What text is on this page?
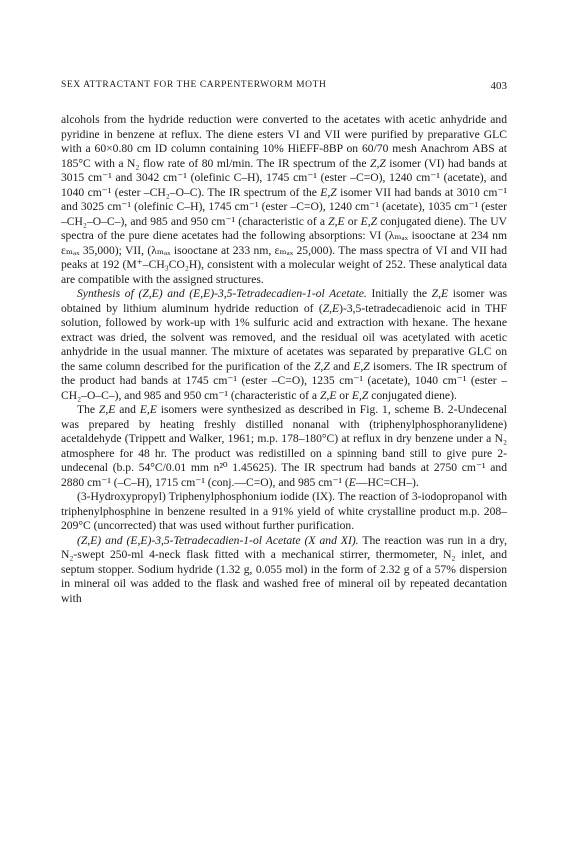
SEX ATTRACTANT FOR THE CARPENTERWORM MOTH	403

alcohols from the hydride reduction were converted to the acetates with acetic anhydride and pyridine in benzene at reflux. The diene esters VI and VII were purified by preparative GLC with a 60×0.80 cm ID column containing 10% HiEFF-8BP on 60/70 mesh Anachrom ABS at 185°C with a N₂ flow rate of 80 ml/min. The IR spectrum of the Z,Z isomer (VI) had bands at 3015 cm⁻¹ and 3042 cm⁻¹ (olefinic C–H), 1745 cm⁻¹ (ester –C=O), 1240 cm⁻¹ (acetate), and 1040 cm⁻¹ (ester –CH₂–O–C). The IR spectrum of the E,Z isomer VII had bands at 3010 cm⁻¹ and 3025 cm⁻¹ (olefinic C–H), 1745 cm⁻¹ (ester –C=O), 1240 cm⁻¹ (acetate), 1035 cm⁻¹ (ester –CH₂–O–C–), and 985 and 950 cm⁻¹ (characteristic of a Z,E or E,Z conjugated diene). The UV spectra of the pure diene acetates had the following absorptions: VI (λₘₐₓ isooctane at 234 nm εₘₐₓ 35,000); VII, (λₘₐₓ isooctane at 233 nm, εₘₐₓ 25,000). The mass spectra of VI and VII had peaks at 192 (M⁺–CH₃CO₂H), consistent with a molecular weight of 252. These analytical data are compatible with the assigned structures.

Synthesis of (Z,E) and (E,E)-3,5-Tetradecadien-1-ol Acetate. Initially the Z,E isomer was obtained by lithium aluminum hydride reduction of (Z,E)-3,5-tetradecadienoic acid in THF solution, followed by work-up with 1% sulfuric acid and extraction with hexane. The hexane extract was dried, the solvent was removed, and the residual oil was acetylated with acetic anhydride in the usual manner. The mixture of acetates was separated by preparative GLC on the same column described for the purification of the Z,Z and E,Z isomers. The IR spectrum of the product had bands at 1745 cm⁻¹ (ester –C=O), 1235 cm⁻¹ (acetate), 1040 cm⁻¹ (ester –CH₂–O–C–), and 985 and 950 cm⁻¹ (characteristic of a Z,E or E,Z conjugated diene).

The Z,E and E,E isomers were synthesized as described in Fig. 1, scheme B. 2-Undecenal was prepared by heating freshly distilled nonanal with (triphenylphosphoranylidene) acetaldehyde (Trippett and Walker, 1961; m.p. 178–180°C) at reflux in dry benzene under a N₂ atmosphere for 48 hr. The product was redistilled on a spinning band still to give pure 2-undecenal (b.p. 54°C/0.01 mm n²⁰ 1.45625). The IR spectrum had bands at 2750 cm⁻¹ and 2880 cm⁻¹ (–C–H), 1715 cm⁻¹ (conj.—C=O), and 985 cm⁻¹ (E—HC=CH–).

(3-Hydroxypropyl) Triphenylphosphonium iodide (IX). The reaction of 3-iodopropanol with triphenylphosphine in benzene resulted in a 91% yield of white crystalline product m.p. 208–209°C (uncorrected) that was used without further purification.

(Z,E) and (E,E)-3,5-Tetradecadien-1-ol Acetate (X and XI). The reaction was run in a dry, N₂-swept 250-ml 4-neck flask fitted with a mechanical stirrer, thermometer, N₂ inlet, and septum stopper. Sodium hydride (1.32 g, 0.055 mol) in the form of 2.32 g of a 57% dispersion in mineral oil was added to the flask and washed free of mineral oil by repeated decantation with
